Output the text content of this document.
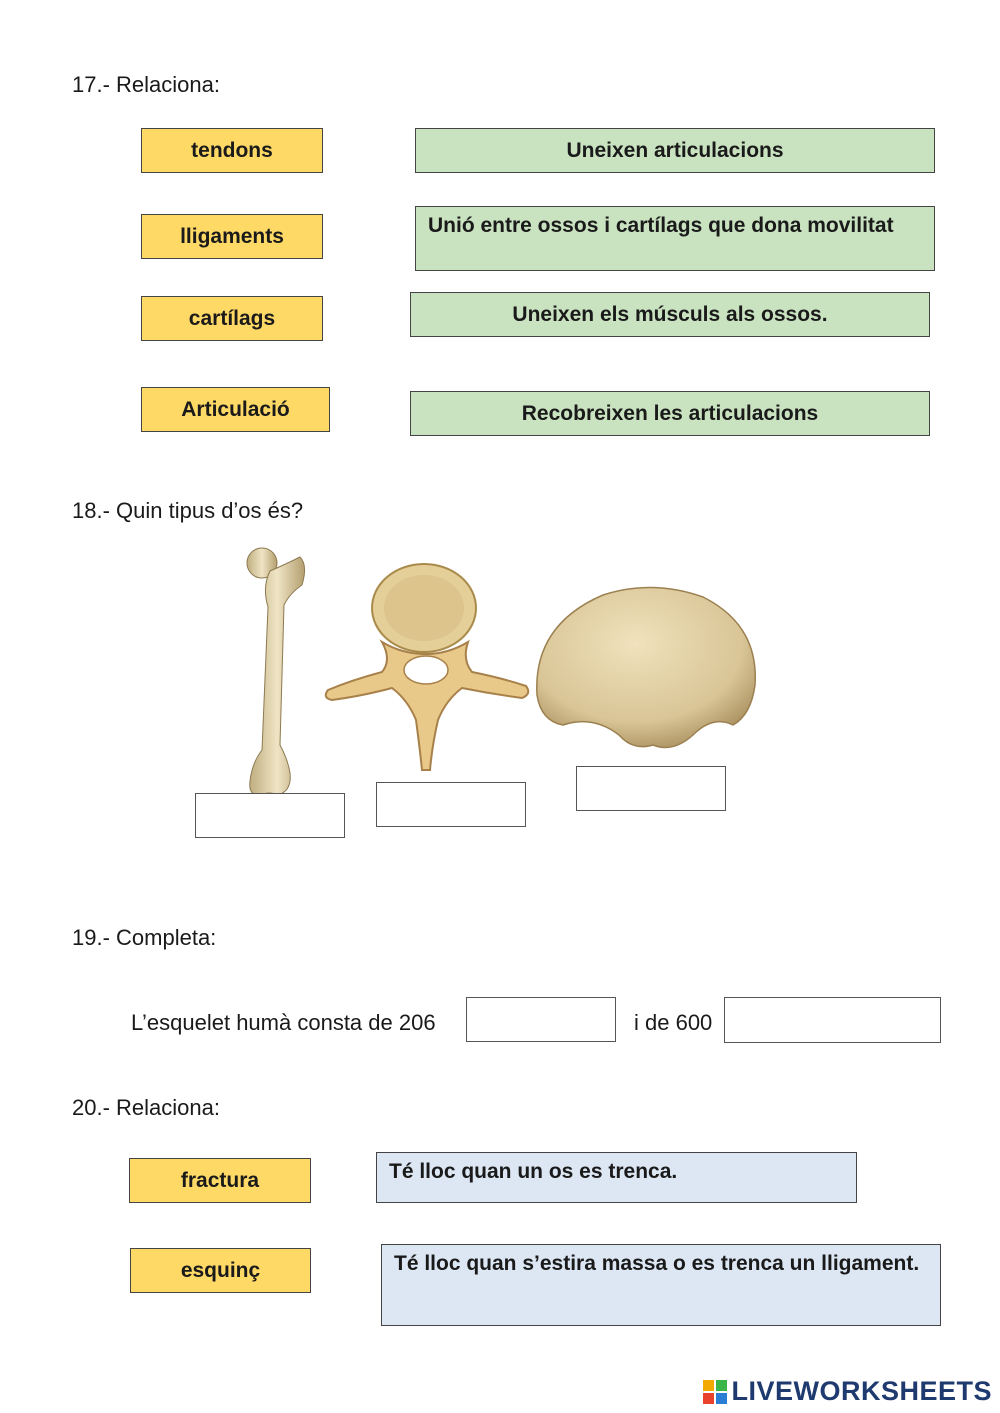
17.- Relaciona:
tendons
lligaments
cartílags
Articulació
Uneixen articulacions
Unió entre ossos i cartílags que dona movilitat
Uneixen els músculs als ossos.
Recobreixen les articulacions
18.- Quin tipus d’os és?
19.- Completa:
L’esquelet humà consta de 206	i de 600
20.- Relaciona:
fractura
esquinç
Té lloc quan un os es trenca.
Té lloc quan s’estira massa o es trenca un lligament.
LIVEWORKSHEETS
